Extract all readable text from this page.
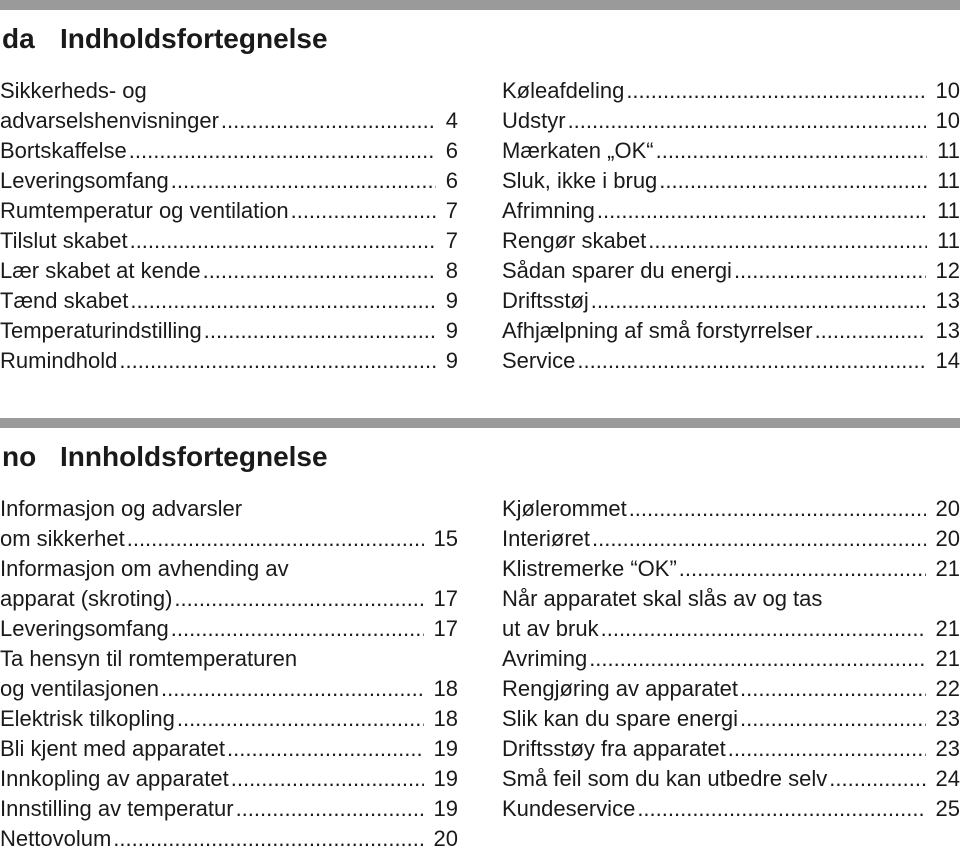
da Indholdsfortegnelse
Sikkerheds- og
advarselshenvisninger .....	4
Bortskaffelse .....	6
Leveringsomfang .....	6
Rumtemperatur og ventilation .....	7
Tilslut skabet .....	7
Lær skabet at kende .....	8
Tænd skabet .....	9
Temperaturindstilling .....	9
Rumindhold .....	9
Køleafdeling .....	10
Udstyr .....	10
Mærkaten „OK“ .....	11
Sluk, ikke i brug .....	11
Afrimning .....	11
Rengør skabet .....	11
Sådan sparer du energi .....	12
Driftsstøj .....	13
Afhjælpning af små forstyrrelser .....	13
Service .....	14
no Innholdsfortegnelse
Informasjon og advarsler
om sikkerhet .....	15
Informasjon om avhending av
apparat (skroting) .....	17
Leveringsomfang .....	17
Ta hensyn til romtemperaturen
og ventilasjonen .....	18
Elektrisk tilkopling .....	18
Bli kjent med apparatet .....	19
Innkopling av apparatet .....	19
Innstilling av temperatur .....	19
Nettovolum .....	20
Kjølerommet .....	20
Interiøret .....	20
Klistremerke “OK” .....	21
Når apparatet skal slås av og tas
ut av bruk .....	21
Avriming .....	21
Rengjøring av apparatet .....	22
Slik kan du spare energi .....	23
Driftsstøy fra apparatet .....	23
Små feil som du kan utbedre selv .....	24
Kundeservice .....	25
